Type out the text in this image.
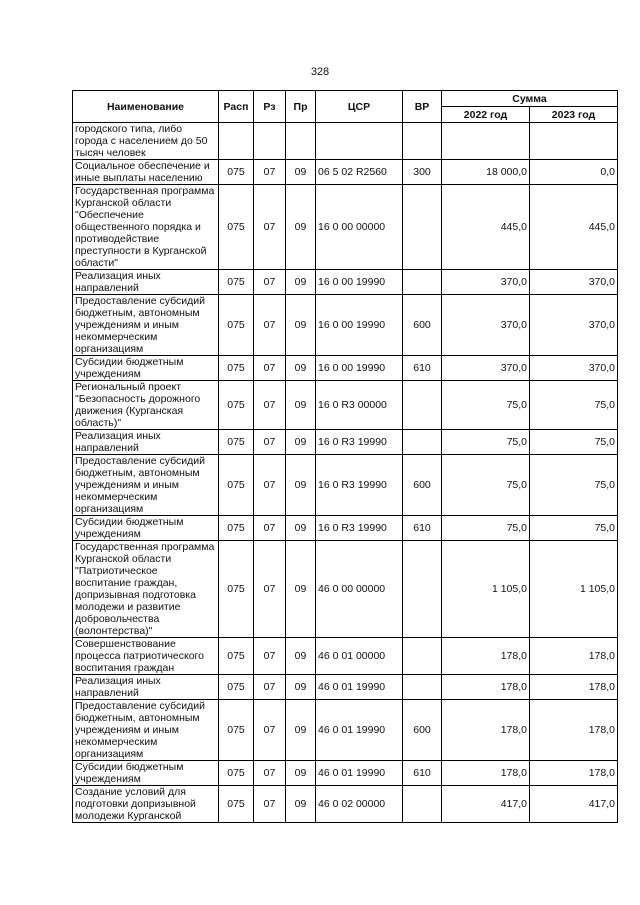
328
Наименование	Расп	Рз	Пр	ЦСР	ВР	Сумма	
						2022 год	2023 год
городского типа, либо города с населением до 50 тысяч человек							
Социальное обеспечение и иные выплаты населению	075	07	09	06 5 02 R2560	300	18 000,0	0,0
Государственная программа Курганской области "Обеспечение общественного порядка и противодействие преступности в Курганской области"	075	07	09	16 0 00 00000		445,0	445,0
Реализация иных направлений	075	07	09	16 0 00 19990		370,0	370,0
Предоставление субсидий бюджетным, автономным учреждениям и иным некоммерческим организациям	075	07	09	16 0 00 19990	600	370,0	370,0
Субсидии бюджетным учреждениям	075	07	09	16 0 00 19990	610	370,0	370,0
Региональный проект "Безопасность дорожного движения (Курганская область)"	075	07	09	16 0 R3 00000		75,0	75,0
Реализация иных направлений	075	07	09	16 0 R3 19990		75,0	75,0
Предоставление субсидий бюджетным, автономным учреждениям и иным некоммерческим организациям	075	07	09	16 0 R3 19990	600	75,0	75,0
Субсидии бюджетным учреждениям	075	07	09	16 0 R3 19990	610	75,0	75,0
Государственная программа Курганской области "Патриотическое воспитание граждан, допризывная подготовка молодежи и развитие добровольчества (волонтерства)"	075	07	09	46 0 00 00000		1 105,0	1 105,0
Совершенствование процесса патриотического воспитания граждан	075	07	09	46 0 01 00000		178,0	178,0
Реализация иных направлений	075	07	09	46 0 01 19990		178,0	178,0
Предоставление субсидий бюджетным, автономным учреждениям и иным некоммерческим организациям	075	07	09	46 0 01 19990	600	178,0	178,0
Субсидии бюджетным учреждениям	075	07	09	46 0 01 19990	610	178,0	178,0
Создание условий для подготовки допризывной молодежи Курганской	075	07	09	46 0 02 00000		417,0	417,0
